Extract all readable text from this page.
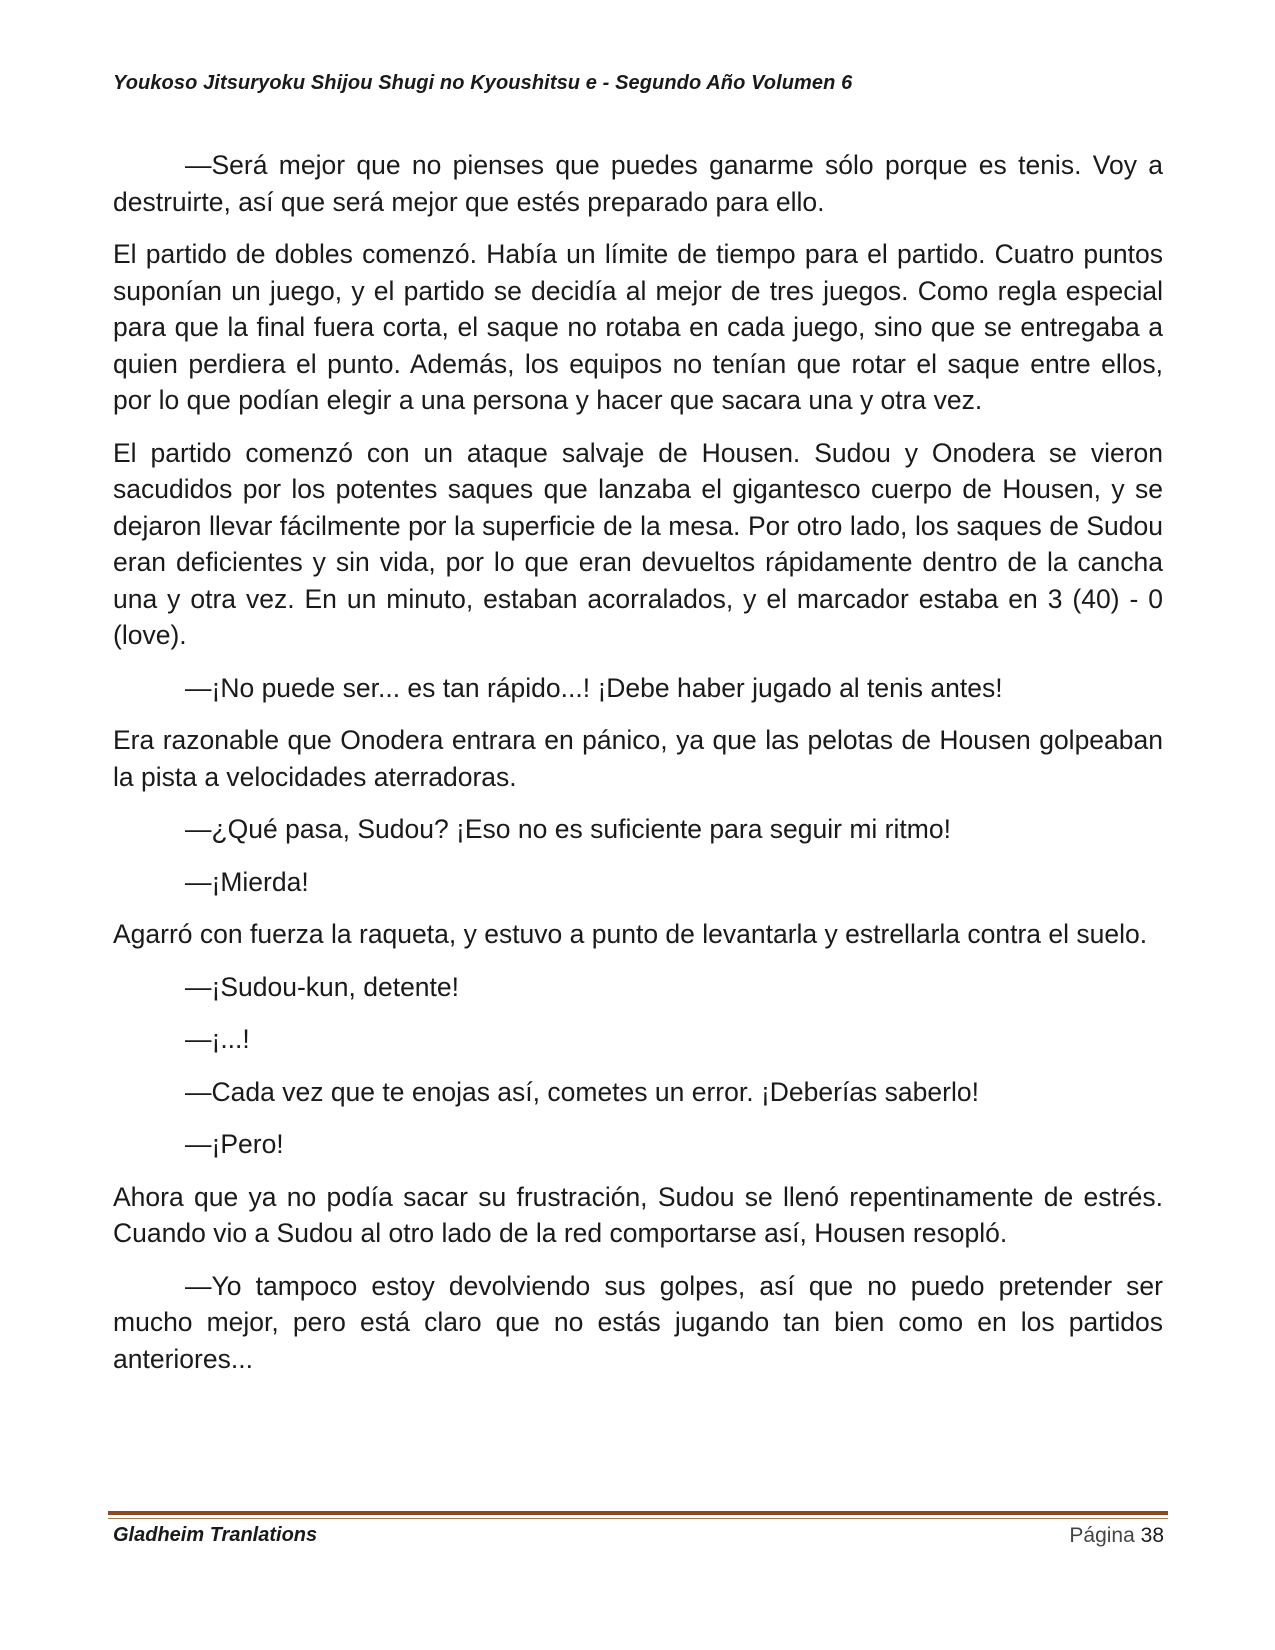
Youkoso Jitsuryoku Shijou Shugi no Kyoushitsu e - Segundo Año Volumen 6

—Será mejor que no pienses que puedes ganarme sólo porque es tenis. Voy a destruirte, así que será mejor que estés preparado para ello.

El partido de dobles comenzó. Había un límite de tiempo para el partido. Cuatro puntos suponían un juego, y el partido se decidía al mejor de tres juegos. Como regla especial para que la final fuera corta, el saque no rotaba en cada juego, sino que se entregaba a quien perdiera el punto. Además, los equipos no tenían que rotar el saque entre ellos, por lo que podían elegir a una persona y hacer que sacara una y otra vez.

El partido comenzó con un ataque salvaje de Housen. Sudou y Onodera se vieron sacudidos por los potentes saques que lanzaba el gigantesco cuerpo de Housen, y se dejaron llevar fácilmente por la superficie de la mesa. Por otro lado, los saques de Sudou eran deficientes y sin vida, por lo que eran devueltos rápidamente dentro de la cancha una y otra vez. En un minuto, estaban acorralados, y el marcador estaba en 3 (40) - 0 (love).

—¡No puede ser... es tan rápido...! ¡Debe haber jugado al tenis antes!

Era razonable que Onodera entrara en pánico, ya que las pelotas de Housen golpeaban la pista a velocidades aterradoras.

—¿Qué pasa, Sudou? ¡Eso no es suficiente para seguir mi ritmo!

—¡Mierda!

Agarró con fuerza la raqueta, y estuvo a punto de levantarla y estrellarla contra el suelo.

—¡Sudou-kun, detente!

—¡...!

—Cada vez que te enojas así, cometes un error. ¡Deberías saberlo!

—¡Pero!

Ahora que ya no podía sacar su frustración, Sudou se llenó repentinamente de estrés. Cuando vio a Sudou al otro lado de la red comportarse así, Housen resopló.

—Yo tampoco estoy devolviendo sus golpes, así que no puedo pretender ser mucho mejor, pero está claro que no estás jugando tan bien como en los partidos anteriores...

Gladheim Tranlations	Página 38
